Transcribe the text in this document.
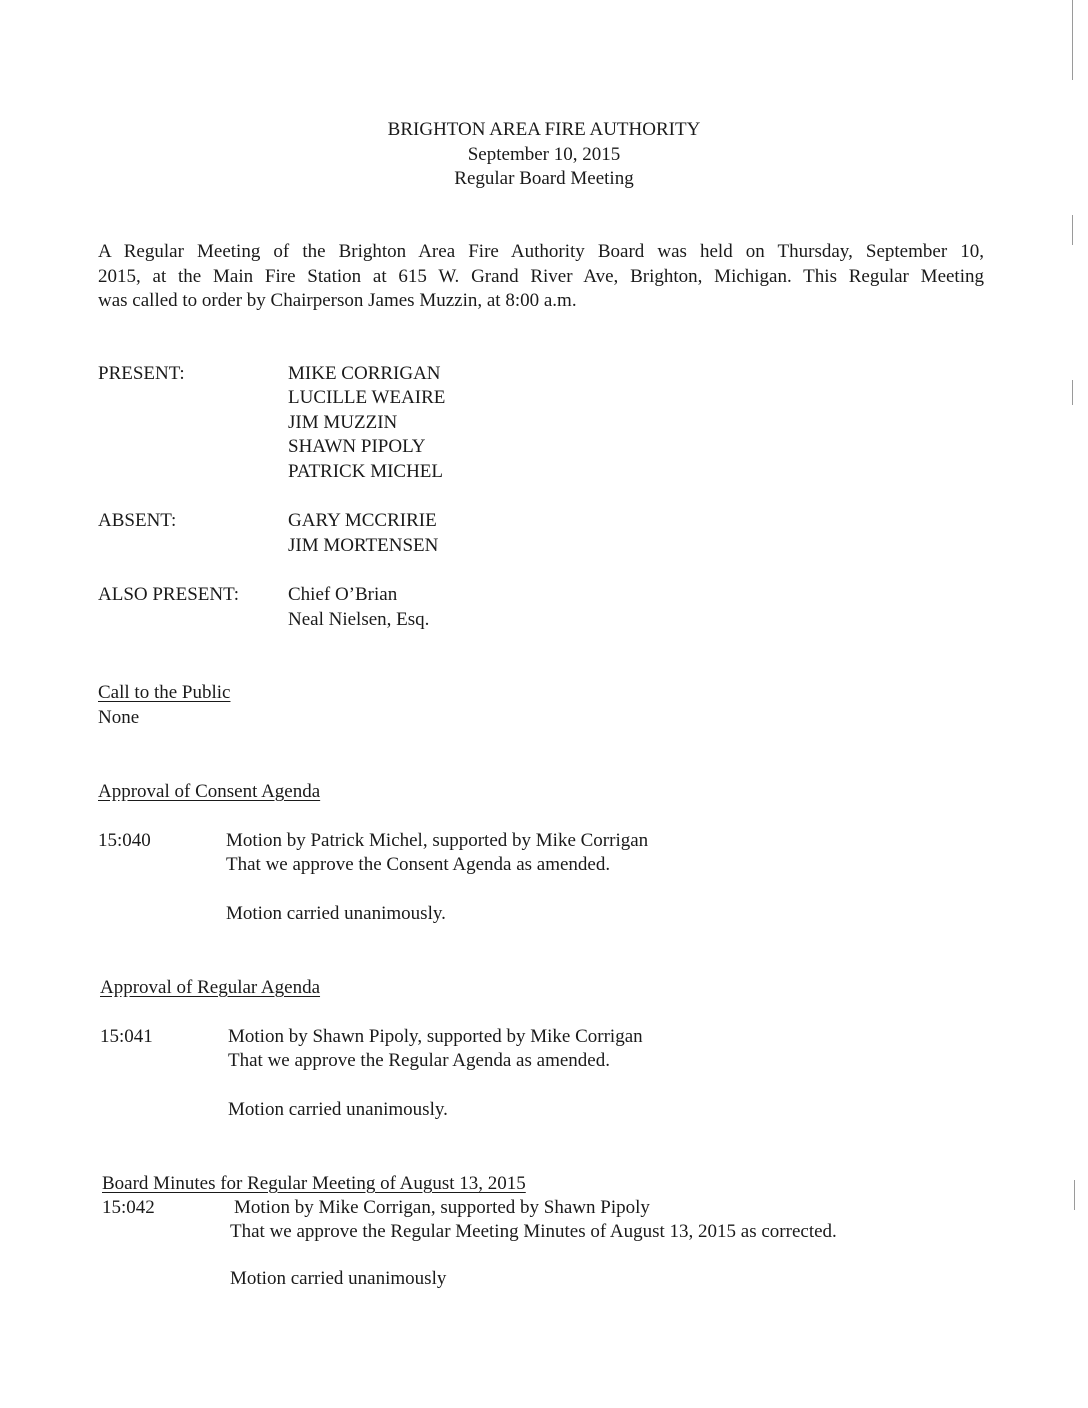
BRIGHTON AREA FIRE AUTHORITY
September 10, 2015
Regular Board Meeting
A Regular Meeting of the Brighton Area Fire Authority Board was held on Thursday, September 10,
2015, at the Main Fire Station at 615 W. Grand River Ave, Brighton, Michigan. This Regular Meeting
was called to order by Chairperson James Muzzin, at 8:00 a.m.
PRESENT:	MIKE CORRIGAN
LUCILLE WEAIRE
JIM MUZZIN
SHAWN PIPOLY
PATRICK MICHEL
ABSENT:	GARY MCCRIRIE
JIM MORTENSEN
ALSO PRESENT:	Chief O’Brian
Neal Nielsen, Esq.
Call to the Public
None
Approval of Consent Agenda
15:040	Motion by Patrick Michel, supported by Mike Corrigan
That we approve the Consent Agenda as amended.
Motion carried unanimously.
Approval of Regular Agenda
15:041	Motion by Shawn Pipoly, supported by Mike Corrigan
That we approve the Regular Agenda as amended.
Motion carried unanimously.
Board Minutes for Regular Meeting of August 13, 2015
15:042	Motion by Mike Corrigan, supported by Shawn Pipoly
That we approve the Regular Meeting Minutes of August 13, 2015 as corrected.
Motion carried unanimously
